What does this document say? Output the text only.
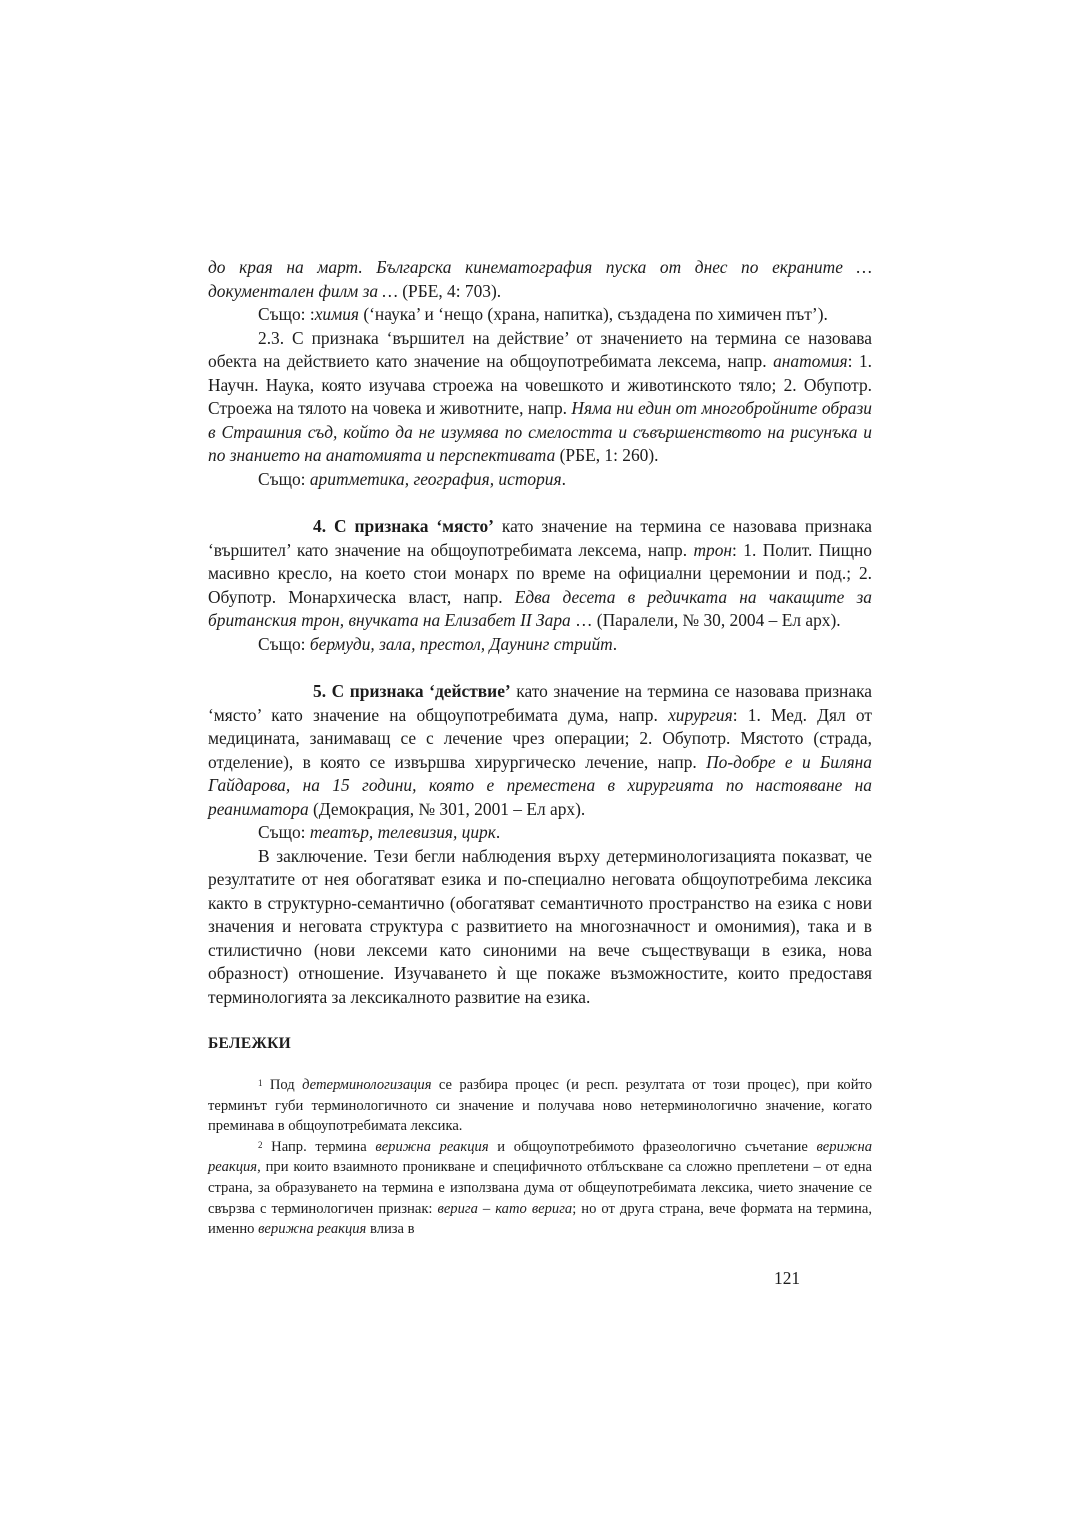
до края на март. Българска кинематография пуска от днес по екраните … документален филм за … (РБЕ, 4: 703).

Също: :химия (‘наука’ и ‘нещо (храна, напитка), създадена по химичен път’).

2.3. С признака ‘вършител на действие’ от значението на термина се назовава обекта на действието като значение на общоупотребимата лексема, напр. анатомия: 1. Научн. Наука, която изучава строежа на човешкото и животинското тяло; 2. Обупотр. Строежа на тялото на човека и животните, напр. Няма ни един от многобройните образи в Страшния съд, който да не изумява по смелостта и съвършенството на рисунъка и по знанието на анатомията и перспективата (РБЕ, 1: 260).

Също: аритметика, география, история.

4. С признака ‘място’ като значение на термина се назовава признака ‘вършител’ като значение на общоупотребимата лексема, напр. трон: 1. Полит. Пищно масивно кресло, на което стои монарх по време на официални церемонии и под.; 2. Обупотр. Монархическа власт, напр. Едва десета в редичката на чакащите за британския трон, внучката на Елизабет II Зара … (Паралели, № 30, 2004 – Ел арх).

Също: бермуди, зала, престол, Даунинг стрийт.

5. С признака ‘действие’ като значение на термина се назовава признака ‘място’ като значение на общоупотребимата дума, напр. хирургия: 1. Мед. Дял от медицината, занимаващ се с лечение чрез операции; 2. Обупотр. Мястото (страда, отделение), в която се извършва хирургическо лечение, напр. По-добре е и Биляна Гайдарова, на 15 години, която е преместена в хирургията по настояване на реаниматора (Демокрация, № 301, 2001 – Ел арх).

Също: театър, телевизия, цирк.

В заключение. Тези бегли наблюдения върху детерминологизацията показват, че резултатите от нея обогатяват езика и по-специално неговата общоупотребима лексика както в структурно-семантично (обогатяват семантичното пространство на езика с нови значения и неговата структура с развитието на многозначност и омонимия), така и в стилистично (нови лексеми като синоними на вече съществуващи в езика, нова образност) отношение. Изучаването ѝ ще покаже възможностите, които предоставя терминологията за лексикалното развитие на езика.

БЕЛЕЖКИ

$^1$ Под детерминологизация се разбира процес (и респ. резултата от този процес), при който терминът губи терминологичното си значение и получава ново нетерминологично значение, когато преминава в общоупотребимата лексика.

$^2$ Напр. термина верижна реакция и общоупотребимото фразеологично съчетание верижна реакция, при които взаимното проникване и специфичното отблъскване са сложно преплетени – от една страна, за образуването на термина е използвана дума от общеупотребимата лексика, чието значение се свързва с терминологичен признак: верига – като верига; но от друга страна, вече формата на термина, именно верижна реакция влиза в

121
